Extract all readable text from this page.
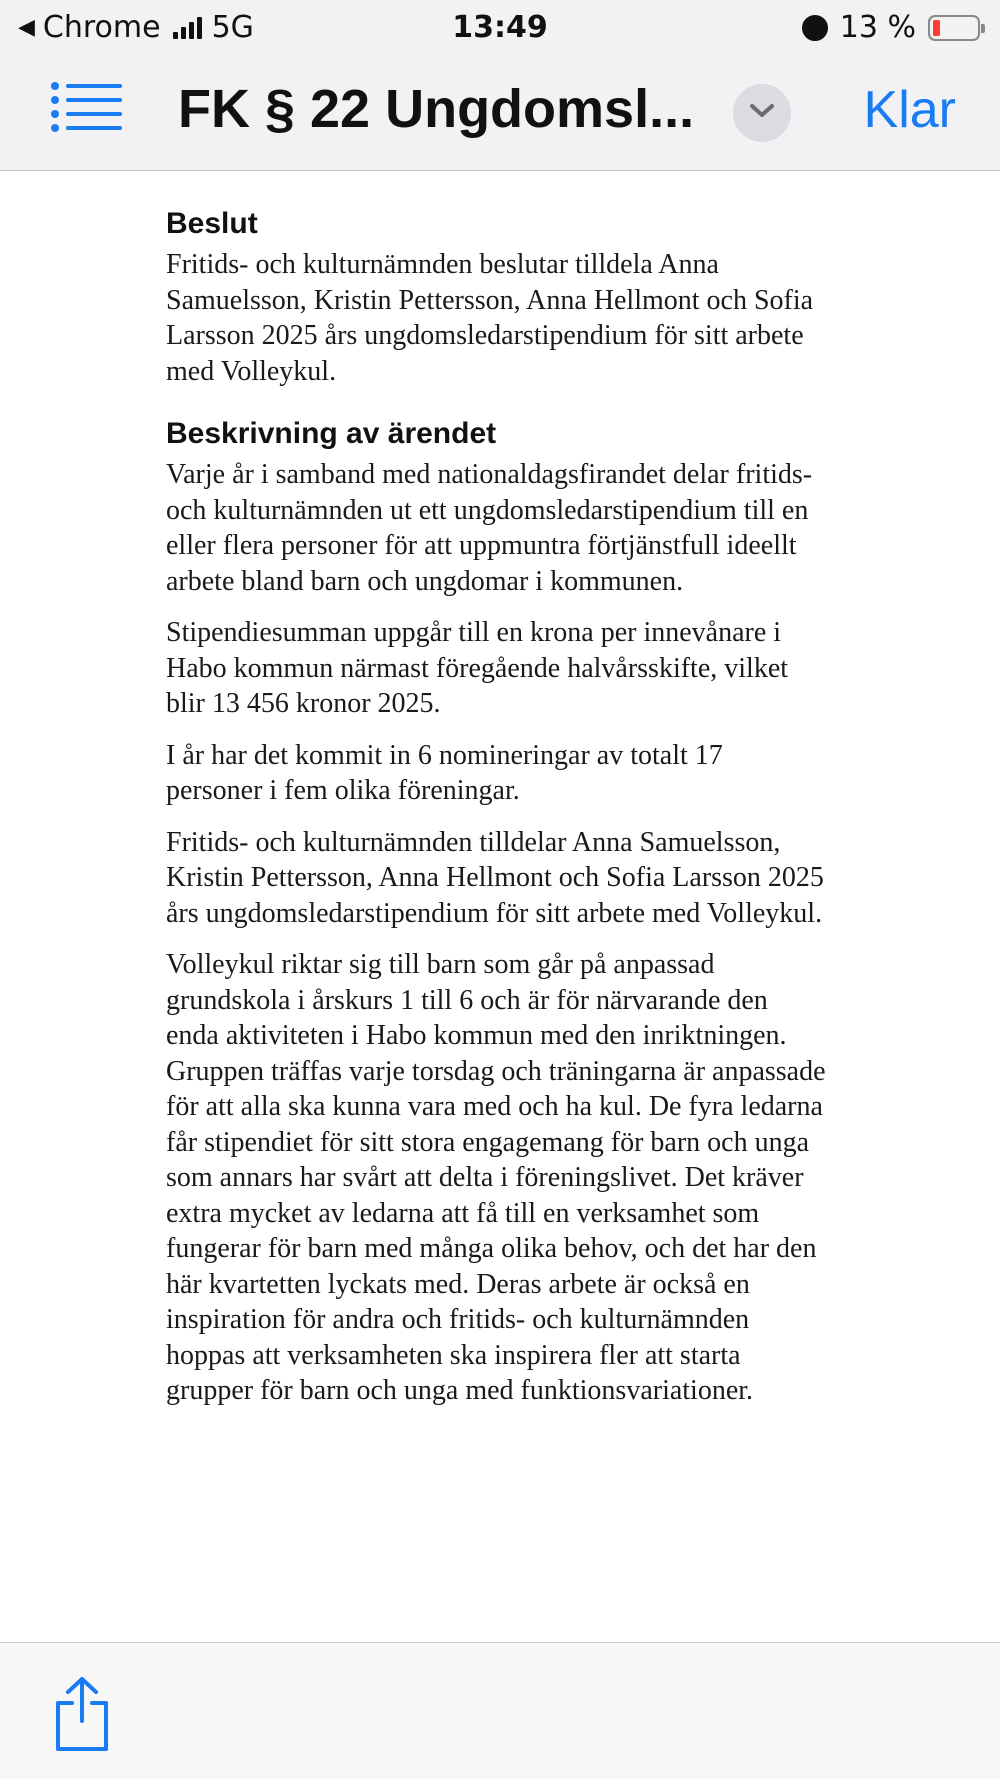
◀ Chrome 5G	13:49	13 %
FK § 22 Ungdomsl...	Klar
Beslut

Fritids- och kulturnämnden beslutar tilldela Anna Samuelsson, Kristin Pettersson, Anna Hellmont och Sofia Larsson 2025 års ungdomsledarstipendium för sitt arbete med Volleykul.

Beskrivning av ärendet

Varje år i samband med nationaldagsfirandet delar fritids- och kulturnämnden ut ett ungdomsledarstipendium till en eller flera personer för att uppmuntra förtjänstfull ideellt arbete bland barn och ungdomar i kommunen.

Stipendiesumman uppgår till en krona per innevånare i Habo kommun närmast föregående halvårsskifte, vilket blir 13 456 kronor 2025.

I år har det kommit in 6 nomineringar av totalt 17 personer i fem olika föreningar.

Fritids- och kulturnämnden tilldelar Anna Samuelsson, Kristin Pettersson, Anna Hellmont och Sofia Larsson 2025 års ungdomsledarstipendium för sitt arbete med Volleykul.

Volleykul riktar sig till barn som går på anpassad grundskola i årskurs 1 till 6 och är för närvarande den enda aktiviteten i Habo kommun med den inriktningen. Gruppen träffas varje torsdag och träningarna är anpassade för att alla ska kunna vara med och ha kul. De fyra ledarna får stipendiet för sitt stora engagemang för barn och unga som annars har svårt att delta i föreningslivet. Det kräver extra mycket av ledarna att få till en verksamhet som fungerar för barn med många olika behov, och det har den här kvartetten lyckats med. Deras arbete är också en inspiration för andra och fritids- och kulturnämnden hoppas att verksamheten ska inspirera fler att starta grupper för barn och unga med funktionsvariationer.
